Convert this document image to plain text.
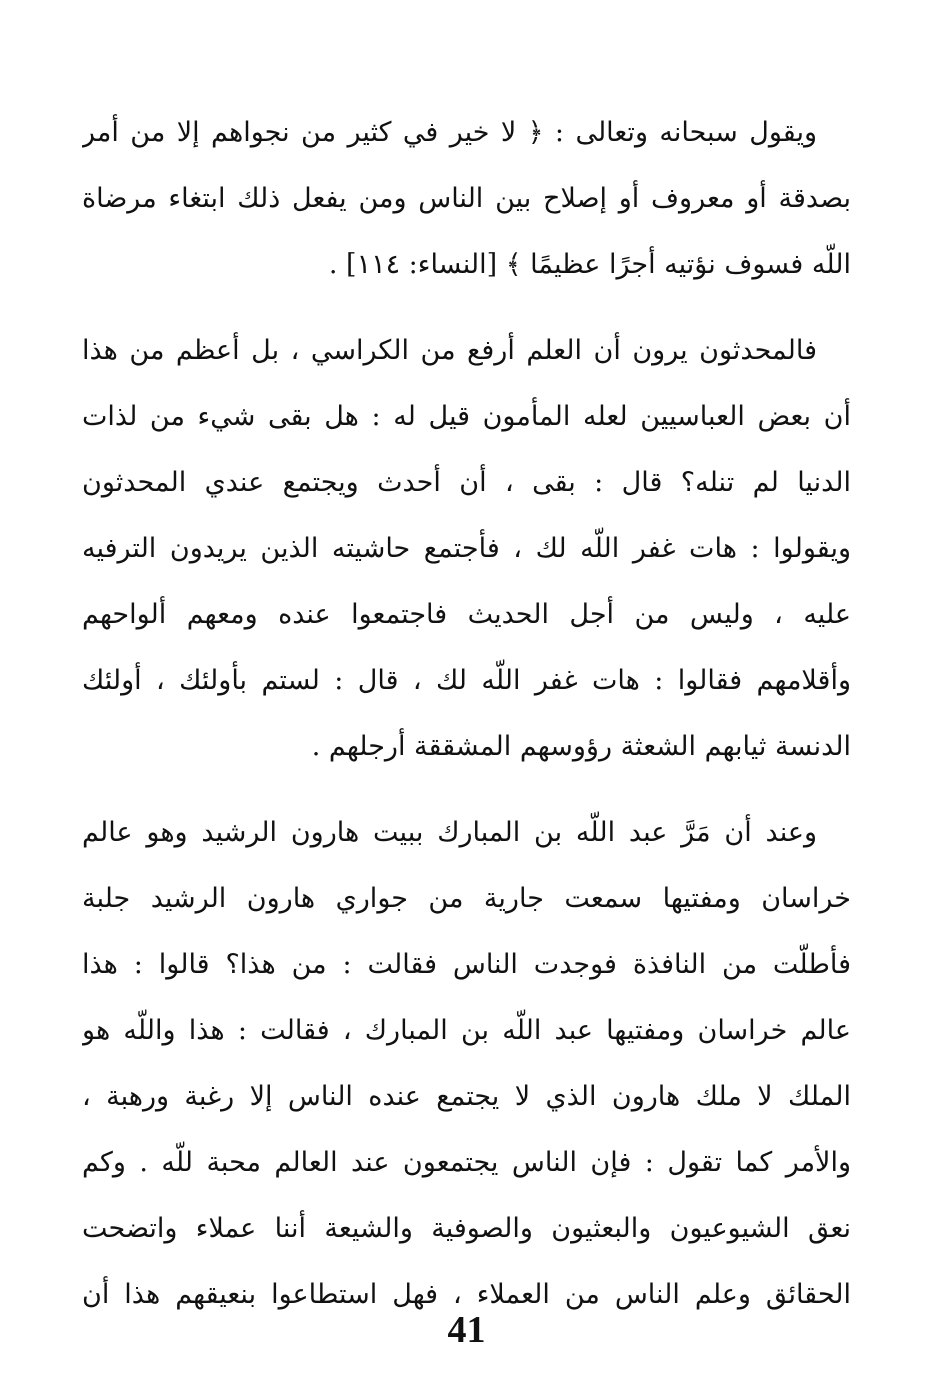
ويقول سبحانه وتعالى : ﴿ لا خير في كثير من نجواهم إلا من أمر
بصدقة أو معروف أو إصلاح بين الناس ومن يفعل ذلك ابتغاء مرضاة
اللّه فسوف نؤتيه أجرًا عظيمًا ﴾ [النساء: ١١٤] .
فالمحدثون يرون أن العلم أرفع من الكراسي ، بل أعظم من هذا
أن بعض العباسيين لعله المأمون قيل له : هل بقى شيء من لذات
الدنيا لم تنله؟ قال : بقى ، أن أحدث ويجتمع عندي المحدثون
ويقولوا : هات غفر اللّه لك ، فأجتمع حاشيته الذين يريدون الترفيه
عليه ، وليس من أجل الحديث فاجتمعوا عنده ومعهم ألواحهم
وأقلامهم فقالوا : هات غفر اللّه لك ، قال : لستم بأولئك ، أولئك
الدنسة ثيابهم الشعثة رؤوسهم المشققة أرجلهم .
وعند أن مَرَّ عبد اللّه بن المبارك ببيت هارون الرشيد وهو عالم
خراسان ومفتيها سمعت جارية من جواري هارون الرشيد جلبة
فأطلّت من النافذة فوجدت الناس فقالت : من هذا؟ قالوا : هذا
عالم خراسان ومفتيها عبد اللّه بن المبارك ، فقالت : هذا واللّه هو
الملك لا ملك هارون الذي لا يجتمع عنده الناس إلا رغبة ورهبة ،
والأمر كما تقول : فإن الناس يجتمعون عند العالم محبة للّه . وكم
نعق الشيوعيون والبعثيون والصوفية والشيعة أننا عملاء واتضحت
الحقائق وعلم الناس من العملاء ، فهل استطاعوا بنعيقهم هذا أن
41
